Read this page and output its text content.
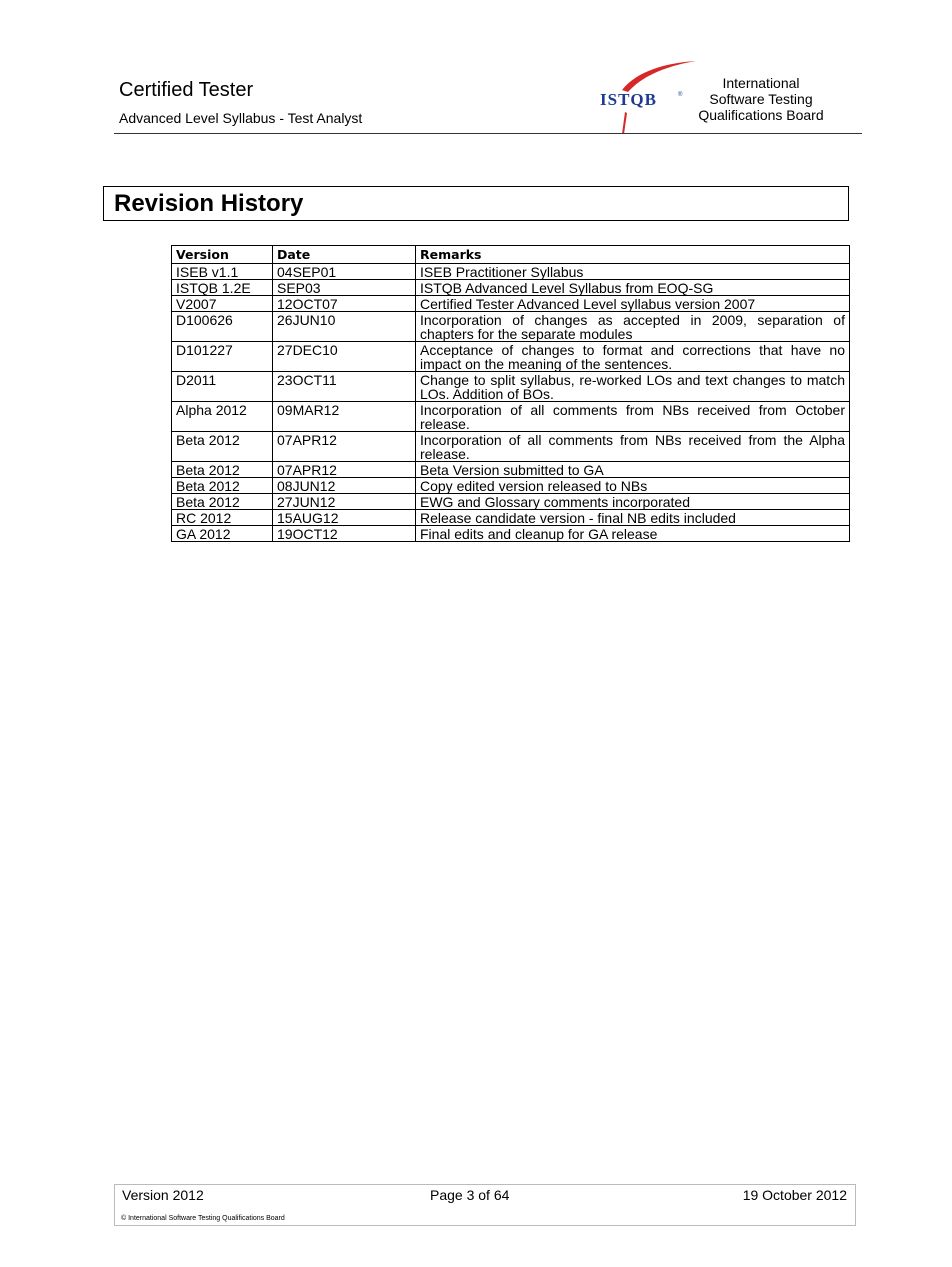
Certified Tester
Advanced Level Syllabus - Test Analyst
ISTQB	®
International
Software Testing
Qualifications Board
Revision History
Version	Date	Remarks
ISEB v1.1	04SEP01	ISEB Practitioner Syllabus
ISTQB 1.2E	SEP03	ISTQB Advanced Level Syllabus from EOQ-SG
V2007	12OCT07	Certified Tester Advanced Level syllabus version 2007
D100626	26JUN10	Incorporation of changes as accepted in 2009, separation of chapters for the separate modules
D101227	27DEC10	Acceptance of changes to format and corrections that have no impact on the meaning of the sentences.
D2011	23OCT11	Change to split syllabus, re-worked LOs and text changes to match LOs. Addition of BOs.
Alpha 2012	09MAR12	Incorporation of all comments from NBs received from October release.
Beta 2012	07APR12	Incorporation of all comments from NBs received from the Alpha release.
Beta 2012	07APR12	Beta Version submitted to GA
Beta 2012	08JUN12	Copy edited version released to NBs
Beta 2012	27JUN12	EWG and Glossary comments incorporated
RC 2012	15AUG12	Release candidate version - final NB edits included
GA 2012	19OCT12	Final edits and cleanup for GA release
Version 2012	Page 3 of 64	19 October 2012
© International Software Testing Qualifications Board
